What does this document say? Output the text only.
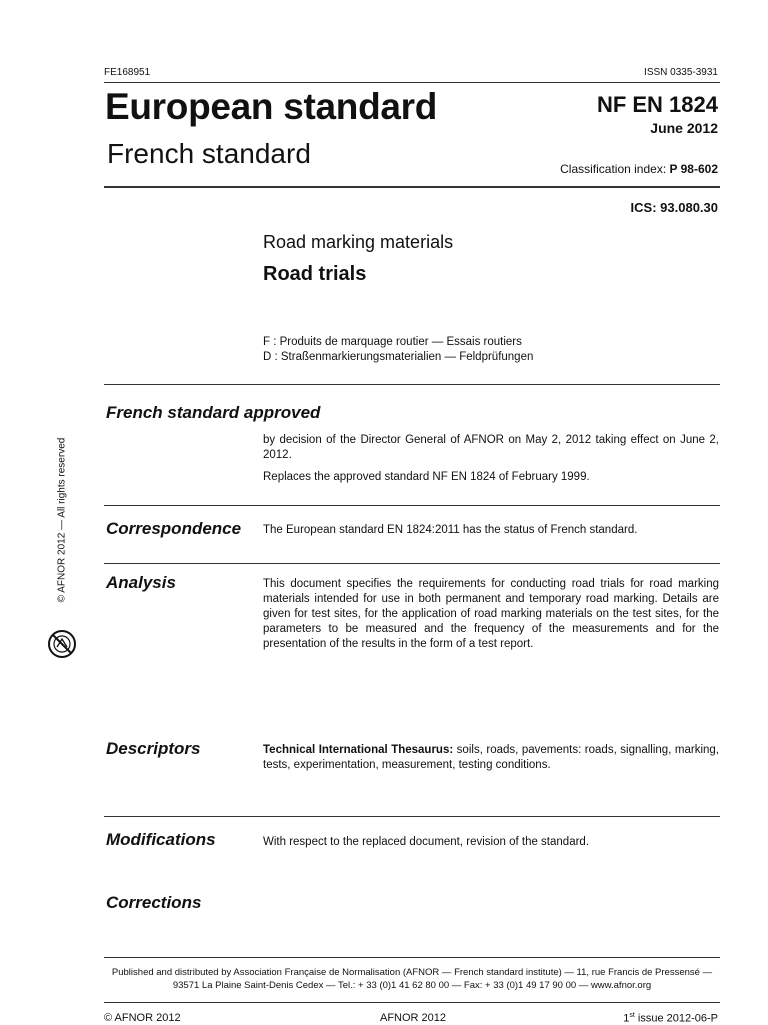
FE168951	ISSN 0335-3931
European standard
French standard
NF EN 1824
June 2012
Classification index: P 98-602
ICS: 93.080.30
Road marking materials
Road trials
F : Produits de marquage routier — Essais routiers
D : Straßenmarkierungsmaterialien — Feldprüfungen
French standard approved
by decision of the Director General of AFNOR on May 2, 2012 taking effect on June 2, 2012.
Replaces the approved standard NF EN 1824 of February 1999.
Correspondence The European standard EN 1824:2011 has the status of French standard.
Analysis	This document specifies the requirements for conducting road trials for road marking materials intended for use in both permanent and temporary road marking. Details are given for test sites, for the application of road marking materials on the test sites, for the parameters to be measured and the frequency of the measurements and for the presentation of the results in the form of a test report.
Descriptors	Technical International Thesaurus: soils, roads, pavements: roads, signalling, marking, tests, experimentation, measurement, testing conditions.
Modifications	With respect to the replaced document, revision of the standard.
Corrections
© AFNOR 2012 — All rights reserved
Published and distributed by Association Française de Normalisation (AFNOR — French standard institute) — 11, rue Francis de Pressensé —
93571 La Plaine Saint-Denis Cedex — Tel.: + 33 (0)1 41 62 80 00 — Fax: + 33 (0)1 49 17 90 00 — www.afnor.org
© AFNOR 2012	AFNOR 2012	1st issue 2012-06-P
